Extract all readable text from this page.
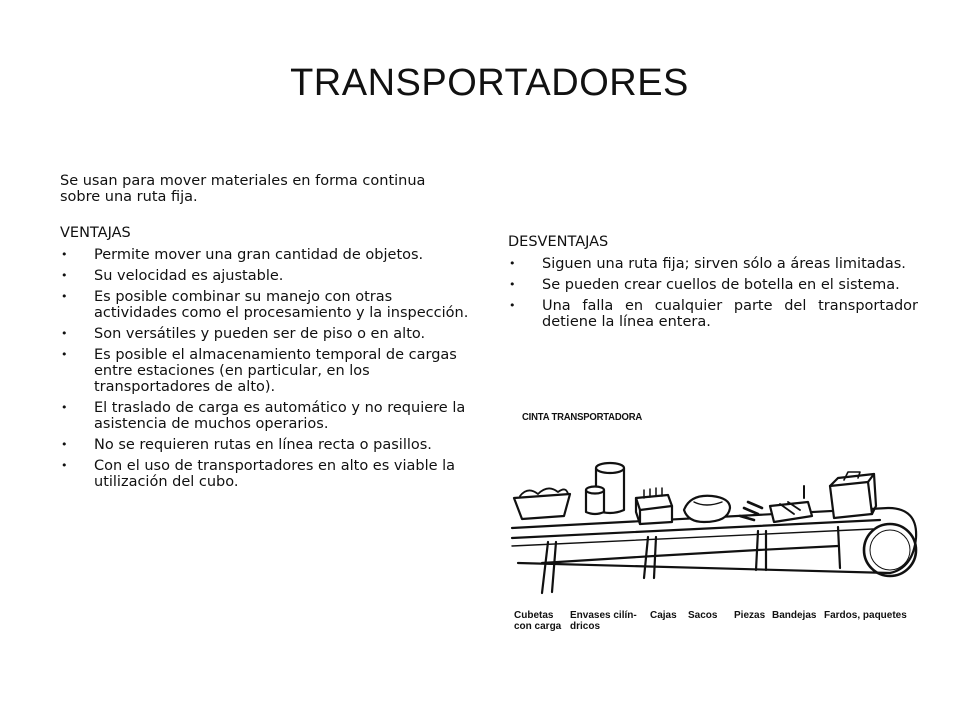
TRANSPORTADORES

Se usan para mover materiales en forma continua sobre una ruta fija.

VENTAJAS

• Permite mover una gran cantidad de objetos.
• Su velocidad es ajustable.
• Es posible combinar su manejo con otras actividades como el procesamiento y la inspección.
• Son versátiles y pueden ser de piso o en alto.
• Es posible el almacenamiento temporal de cargas entre estaciones (en particular, en los transportadores de alto).
• El traslado de carga es automático y no requiere la asistencia de muchos operarios.
• No se requieren rutas en línea recta o pasillos.
• Con el uso de transportadores en alto es viable la utilización del cubo.

DESVENTAJAS

• Siguen una ruta fija; sirven sólo a áreas limitadas.
• Se pueden crear cuellos de botella en el sistema.
• Una falla en cualquier parte del transportador detiene la línea entera.
CINTA TRANSPORTADORA
Cubetas con carga
Envases cilín- dricos
Cajas Sacos Piezas Bandejas Fardos, paquetes
